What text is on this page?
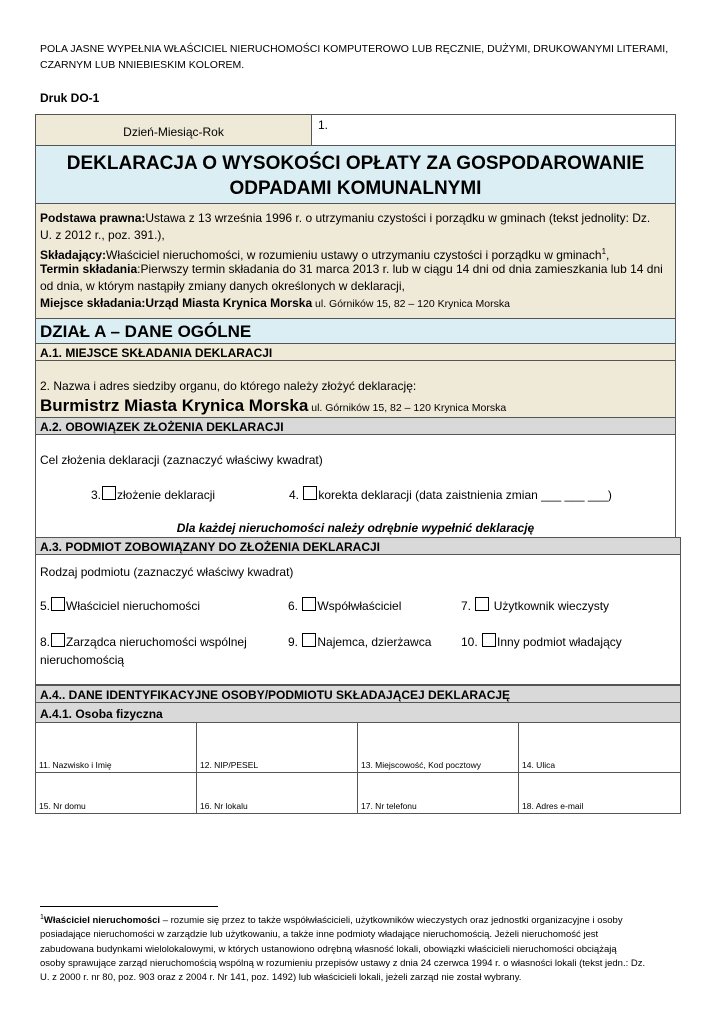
POLA JASNE WYPEŁNIA WŁAŚCICIEL NIERUCHOMOŚCI KOMPUTEROWO LUB RĘCZNIE, DUŻYMI, DRUKOWANYMI LITERAMI,
CZARNYM LUB NNIEBIESKIM KOLOREM.
Druk DO-1
Dzień-Miesiąc-Rok	1.
DEKLARACJA O WYSOKOŚCI OPŁATY ZA GOSPODAROWANIE
ODPADAMI KOMUNALNYMI
Podstawa prawna:Ustawa z 13 września 1996 r. o utrzymaniu czystości i porządku w gminach (tekst jednolity: Dz.
U. z 2012 r., poz. 391.),
Składający:Właściciel nieruchomości, w rozumieniu ustawy o utrzymaniu czystości i porządku w gminach$^1$,
Termin składania:Pierwszy termin składania do 31 marca 2013 r. lub w ciągu 14 dni od dnia zamieszkania lub 14 dni
od dnia, w którym nastąpiły zmiany danych określonych w deklaracji,
Miejsce składania:Urząd Miasta Krynica Morska ul. Górników 15, 82 – 120 Krynica Morska
DZIAŁ A – DANE OGÓLNE
A.1. MIEJSCE SKŁADANIA DEKLARACJI
2. Nazwa i adres siedziby organu, do którego należy złożyć deklarację:
Burmistrz Miasta Krynica Morska ul. Górników 15, 82 – 120 Krynica Morska
A.2. OBOWIĄZEK ZŁOŻENIA DEKLARACJI
Cel złożenia deklaracji (zaznaczyć właściwy kwadrat)
3. złożenie deklaracji	4. korekta deklaracji (data zaistnienia zmian ___ ___ ___)
Dla każdej nieruchomości należy odrębnie wypełnić deklarację
A.3. PODMIOT ZOBOWIĄZANY DO ZŁOŻENIA DEKLARACJI
Rodzaj podmiotu (zaznaczyć właściwy kwadrat)
5. Właściciel nieruchomości	6. Współwłaściciel	7. Użytkownik wieczysty
8. Zarządca nieruchomości wspólnej	9. Najemca, dzierżawca 10. Inny podmiot władający
nieruchomością
A.4.. DANE IDENTYFIKACYJNE OSOBY/PODMIOTU SKŁADAJĄCEJ DEKLARACJĘ
A.4.1. Osoba fizyczna
11. Nazwisko i Imię	12. NIP/PESEL	13. Miejscowość, Kod pocztowy	14. Ulica
15. Nr domu	16. Nr lokalu	17. Nr telefonu	18. Adres e-mail
$^1$Właściciel nieruchomości – rozumie się przez to także współwłaścicieli, użytkowników wieczystych oraz jednostki organizacyjne i osoby
posiadające nieruchomości w zarządzie lub użytkowaniu, a także inne podmioty władające nieruchomością. Jeżeli nieruchomość jest
zabudowana budynkami wielolokalowymi, w których ustanowiono odrębną własność lokali, obowiązki właścicieli nieruchomości obciążają
osoby sprawujące zarząd nieruchomością wspólną w rozumieniu przepisów ustawy z dnia 24 czerwca 1994 r. o własności lokali (tekst jedn.: Dz.
U. z 2000 r. nr 80, poz. 903 oraz z 2004 r. Nr 141, poz. 1492) lub właścicieli lokali, jeżeli zarząd nie został wybrany.
